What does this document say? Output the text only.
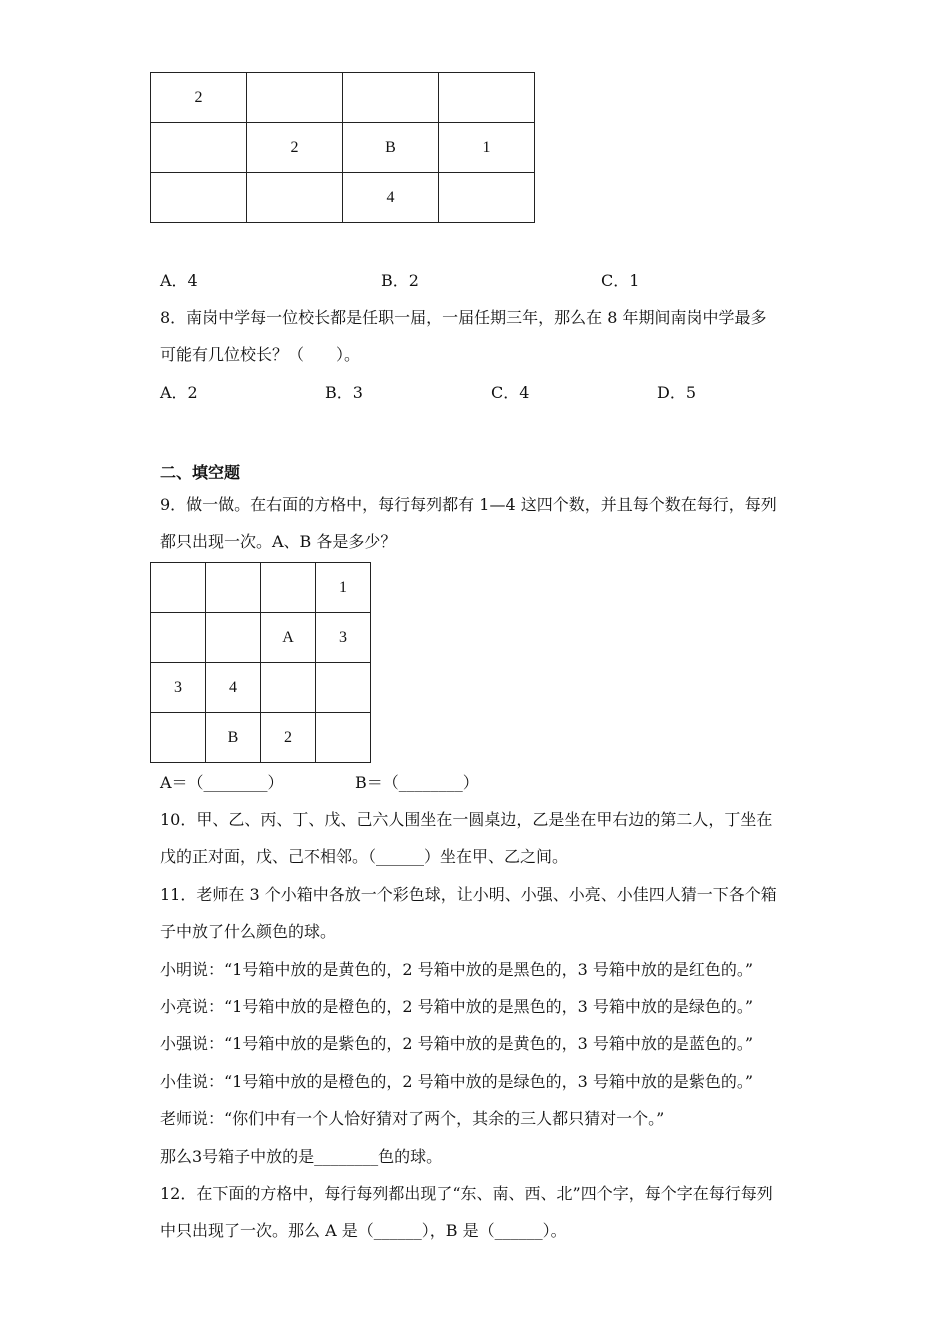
2			
	2	B	1
		4	
A．4	B．2	C．1
8．南岗中学每一位校长都是任职一届，一届任期三年，那么在 8 年期间南岗中学最多
可能有几位校长？（　　）。
A．2	B．3	C．4	D．5
二、填空题
9．做一做。在右面的方格中，每行每列都有 1—4 这四个数，并且每个数在每行，每列
都只出现一次。A、B 各是多少？
			1
		A	3
3	4		
	B	2	
A＝（________）	B＝（________）
10．甲、乙、丙、丁、戊、己六人围坐在一圆桌边，乙是坐在甲右边的第二人，丁坐在
戊的正对面，戊、己不相邻。（______）坐在甲、乙之间。
11．老师在 3 个小箱中各放一个彩色球，让小明、小强、小亮、小佳四人猜一下各个箱
子中放了什么颜色的球。
小明说：“1号箱中放的是黄色的，2 号箱中放的是黑色的，3 号箱中放的是红色的。”
小亮说：“1号箱中放的是橙色的，2 号箱中放的是黑色的，3 号箱中放的是绿色的。”
小强说：“1号箱中放的是紫色的，2 号箱中放的是黄色的，3 号箱中放的是蓝色的。”
小佳说：“1号箱中放的是橙色的，2 号箱中放的是绿色的，3 号箱中放的是紫色的。”
老师说：“你们中有一个人恰好猜对了两个，其余的三人都只猜对一个。”
那么3号箱子中放的是________色的球。
12．在下面的方格中，每行每列都出现了“东、南、西、北”四个字，每个字在每行每列
中只出现了一次。那么 A 是（______），B 是（______）。
